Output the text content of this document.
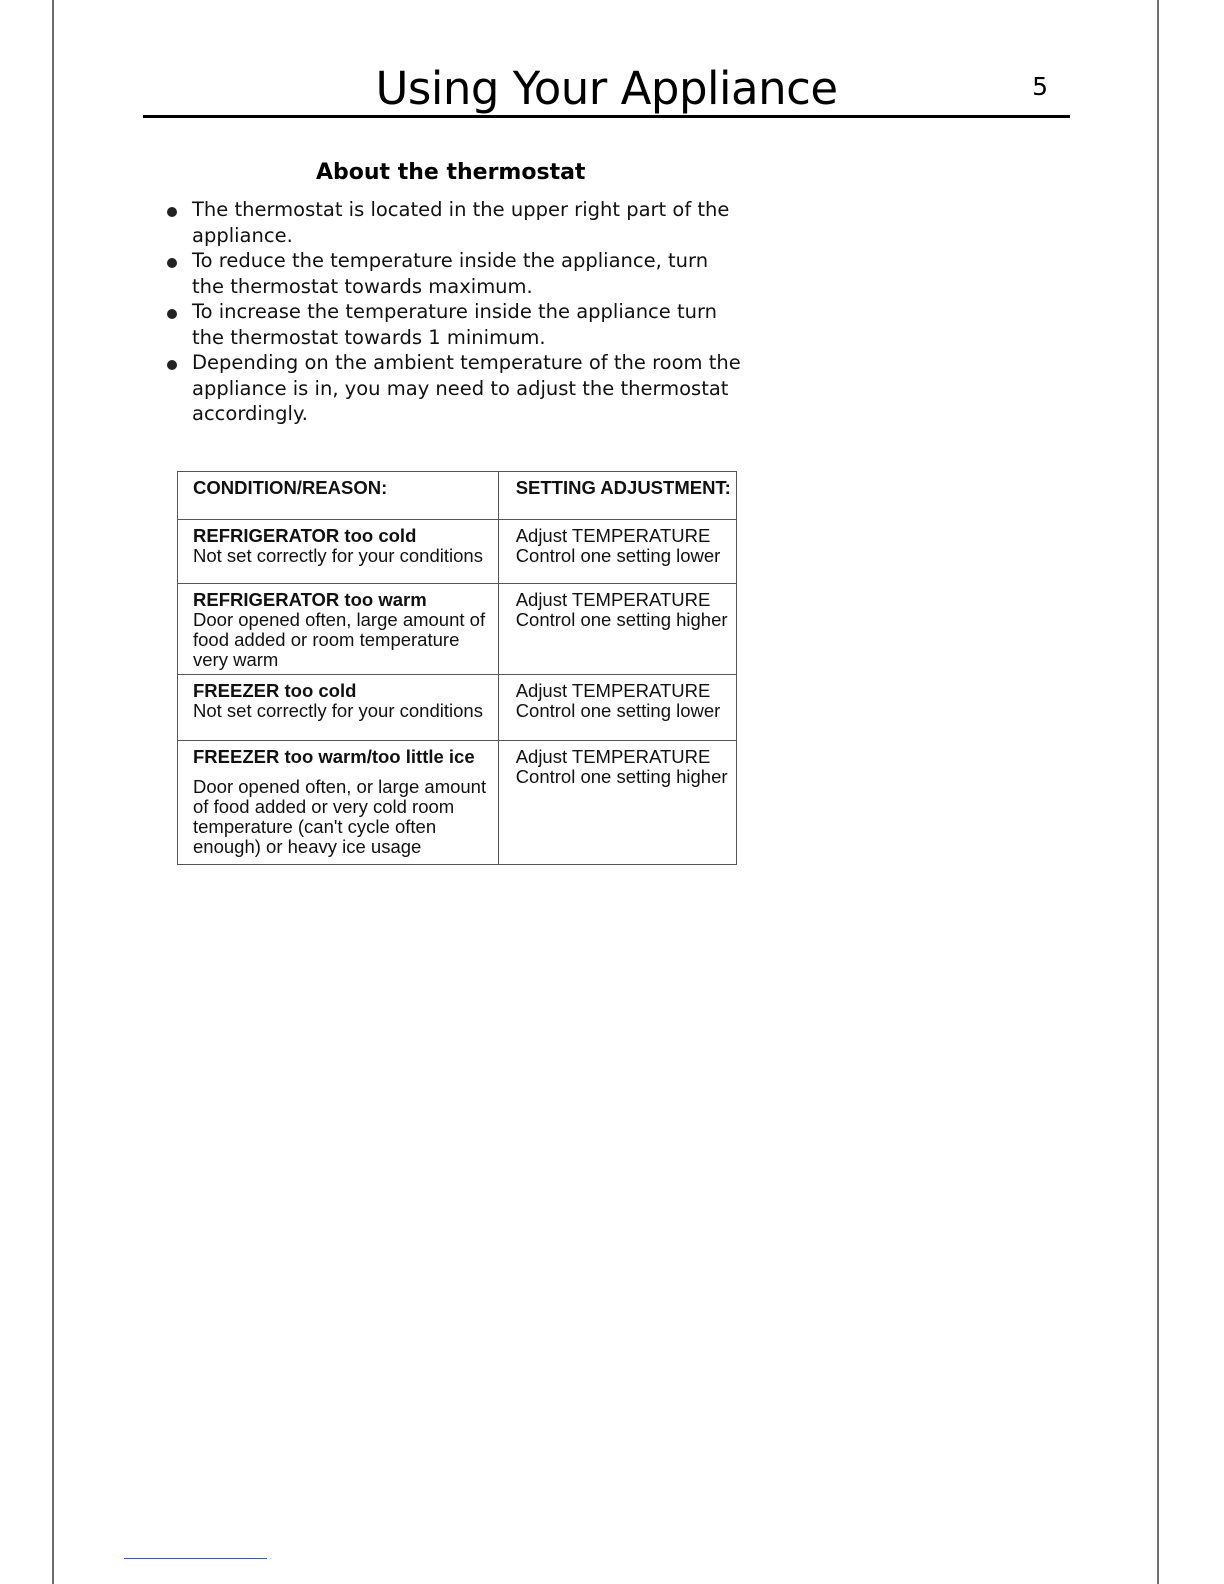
Using Your Appliance	5
About the thermostat
The thermostat is located in the upper right part of the appliance.
To reduce the temperature inside the appliance, turn the thermostat towards maximum.
To increase the temperature inside the appliance turn the thermostat towards 1 minimum.
Depending on the ambient temperature of the room the appliance is in, you may need to adjust the thermostat accordingly.
CONDITION/REASON:	SETTING ADJUSTMENT:

REFRIGERATOR too cold
Not set correctly for your conditions	Adjust TEMPERATURE Control one setting lower

REFRIGERATOR too warm
Door opened often, large amount of food added or room temperature very warm	Adjust TEMPERATURE Control one setting higher

FREEZER too cold
Not set correctly for your conditions	Adjust TEMPERATURE Control one setting lower

FREEZER too warm/too little ice
Door opened often, or large amount of food added or very cold room temperature (can't cycle often enough) or heavy ice usage	Adjust TEMPERATURE Control one setting higher
